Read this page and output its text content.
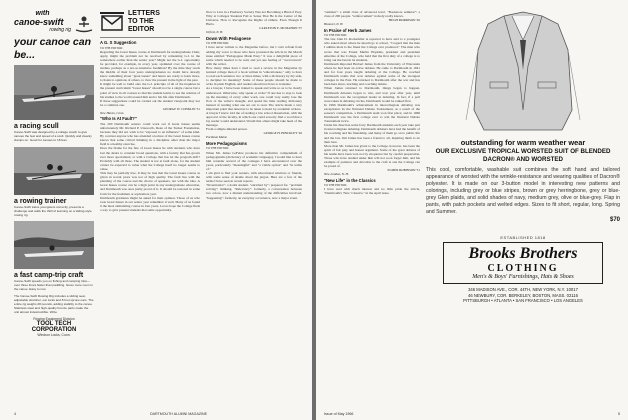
with
canoe-swift
rowing rig
your canoe can be...
a racing scull

Canoe-Swift was designed by a college coach to give canoes the feel and speed of a scull. Quickly and cleanly clamps on. Good for canoes to 18 feet.

a rowing trainer

Canoe-Swift trains youngsters correctly, presents a challenge and adds the thrill of learning on a sliding-style rowing rig.

a fast camp-trip craft

Canoe-Swift speeds you on fishing and camping trips—over three times faster than paddling. Gives more room in the canoe. Easy to row.

The Canoe-Swift Rowing Rig includes a sliding seat, adjustable stretcher, oar locks and 8 foot spruce oars. The entire rig weighs 28 pounds, adding stability to the canoe. Stainless steel and high-quality bronze parts make the unit almost indestructible. Write

Rowing Equipment Division
TOOL TECH CORPORATION
Windsor Locks, Conn.
LETTERS TO THE EDITOR
A G. S Suggestion

TO THE EDITOR:

Regarding the Great Issues course at Dartmouth for undergraduate Chair, apply, might the problem not be resolved by reinstating G.I. in the somewhere earlier than the senior year? Might not the G.I. opportunity be provided, for example, in every year, sprinkled over the course of studies, perhaps as a not-so-intensive freshman? By the time they reach the middle of their four years undergraduates no doubt have already know something about "great issues" and hence are ready to learn more, to listen to opinions of others, to view the present in the light of the past.

It might be well to build onto the G.I. principle of all of the inquiries in the present curriculum "Great Issues" should not be a single course but a point of view in all courses so that the student learns to see the relation of his studies to the world around him and to his life after Dartmouth.

If these suggestions could be carried out the student viewpoint may not be a common one.

GEORGE W. CONKLIN '51

New Haven, Conn.

"Who Is At Fault?"

The 200 Dartmouth seniors could work out if Great Issues seems unfortunately Mr. Richard P. Unsworth, Dean of the Tucker Foundation, because they did not wish to be "exposed to an influence" of some kind. By contrast anyone who has attended a lecture of the Great Issues course knows that some critical thinking in a discipline other than his major field is a healthy exercise.

Does the blame for the fate of Great Issues lie with students who have lost the desire to consider broad questions, with a faculty that has grown ever more specialized, or with a College that has let the program drift? Probably with all three. The student is not at fault alone, for the student cannot be expected to value what the College itself no longer seems to value.

This may be partially true. It may be true that the Great Issues course as given in recent years was not of high quality. The fault lies with the planning of the course and the choice of speakers, not with the idea. A Great Issues course can be a high point in any undergraduate education, and Dartmouth was once justly proud of it. It should be restored in some form for the freshman or sophomore year.

Dartmouth graduates might be asked for their opinion. Those of us who took Great Issues in our senior year remember it well. Many of us found it the most stimulating course in four years. Let us hope the College finds a way to give present students that same opportunity.

Now to Live in a Predatory Society Was not Becoming a Bind of Prey. Why at Colleges Students Fail to Sense That He Is the Center of the Universe. How to Recognize the Rights of Others. Even Though It Hurts.

CARLETON E. MCMAHON '37

Orford, N. H.

Down With Pedagoese

TO THE EDITOR:

I have never written to the Magazine before, but I can't refrain from adding my voice to those who have protested the article in the March issue entitled "Pedagogese Made Easy." It was a delightful piece of satire which needed to be said, and yet one feeling of "overconcern" with the writer.

How many times have I tried to read a review in the Magazine by learned college men of a book written in "educationese," only to have to read each sentence two or three times, with a dictionary by my side, to decipher its meaning? Some of these people should be made to write in plain English, and readers should not have to translate.

As a lawyer, I have been trained to speak and write so as to be clearly understood. Otherwise, why speak or write? If one has to stop to look up the meaning of every other word, one could very easily lose the flow of the writer's thought, and spend the time reading dictionary instead of reading what one set out to read. The article made a very important point that deserves to be taken to heart by academic writers.

A lawyer I know told me of reading a law school dissertation, with the approval of the faculty, in which one could scarcely find a word that a lay reader would understand. Would that others might take heed of the message.

From a simple-minded person.

GEORGE H. HINCKLEY '26

Portland, Maine

More Pedagoguisms

TO THE EDITOR:

When Mr. James LeFebre produces his definitive compendium of pedagoguisms (dictionary of academic language), I would like to have him consider several of the coinages I have encountered over the years, particularly "meaningful" and "a viable option" and "in terms of."

I am glad to find your readers, with educational relatives or friends, with some sense of shame about the jargon. Here are a few of the terms I have seen in recent reports.

"Inventionist": a doubt student. "enriched by": prepared for. "problem solving": thinking. "Relevancy": formerly, a conversation between two actors, now a mutual understanding of the difficulties involved. "happening": formerly, an everyday occurrence, now a major event.

4	DARTMOUTH ALUMNI MAGAZINE

"seminar": a small class of advanced level. "Bookstore seminar": a class of 200 people. "reinforcement" nobody really knows.

HUGH MORRISON '26

Hanover, N. H.

In Praise of Herb James

TO THE EDITOR:

The late John D. Rockefeller is reported to have said to a youngster who asked about where he should go to school, "I regard that the man I admire most is the finest the College ever produced." The man who wrote that was Ernest Martin Hopkins, president and president emeritus of the College, who held that the first duty of a college is to bring out the best in its students.

Dartmouth imported Herbert James from the University of Wisconsin where he had been an active debater. He came to Dartmouth in 1941 and for four years taught debating at the College. He coached Dartmouth teams that won debates against some of the strongest colleges in the East. He returned to Dartmouth after the war and has been here since, teaching and coaching debate.

When James returned to Dartmouth, things began to happen. Dartmouth debaters began to win, and won year after year, until Dartmouth was the recognized leader in debating. In fact, if a poll were taken in debating circles, Dartmouth would be ranked first.

In 1966 Dartmouth's achievement in intercollegiate debating was exceptional. In the National Debate Tournament, as a result of the season's competition, a Dartmouth team won first place; and in 1966 Dartmouth was the first college ever to win the National Debate Tournament twice.

Under his direction some forty Dartmouth students each year take part in intercollegiate debating. Dartmouth debaters have had the benefit of his coaching and his friendship, and many of them go on to public life and the law. Jim James has been a friend to all, inspiring them to do their best.

More than Mr. James has given to the College, however, has been the spirit of fair play and honest argument. Some of the great debates of his teams have been won not by eloquence but by careful preparation. Those who have studied under him will not soon forget him, and his example of patience and devotion to the craft is one the College can be proud of.

ELMER ROBINSON '51

New London, N. H.

"New Life" in the Classics

TO THE EDITOR:

I have read with much interest and no little pride the article, "Dartmouth's 'New' Classics," in the April issue.

outstanding for warm weather wear
OUR EXCLUSIVE TROPICAL WORSTED SUIT OF BLENDED DACRON® AND WORSTED

This cool, comfortable, washable suit combines the soft hand and tailored appearance of worsted with the wrinkle-resistance and wearing qualities of Dacron® polyester. It is made on our 3-button model in interesting new patterns and colorings, including grey or blue stripes, brown or grey herringbone, grey or blue-grey Glen plaids, and solid shades of navy, medium grey, olive or blue-grey. Flap in pants, with patch pockets and welted edges. Sizes to fit short, regular, long. Spring and Summer.

$70
ESTABLISHED 1818
Brooks Brothers
CLOTHING
Men's & Boys' Furnishings, Hats & Shoes
346 MADISON AVE., COR. 44TH, NEW YORK, N.Y. 10017
46 NEWBURY, COR. BERKELEY, BOSTON, MASS. 02116
PITTSBURGH • ATLANTA • SAN FRANCISCO • LOS ANGELES
Issue of May 1966	5
